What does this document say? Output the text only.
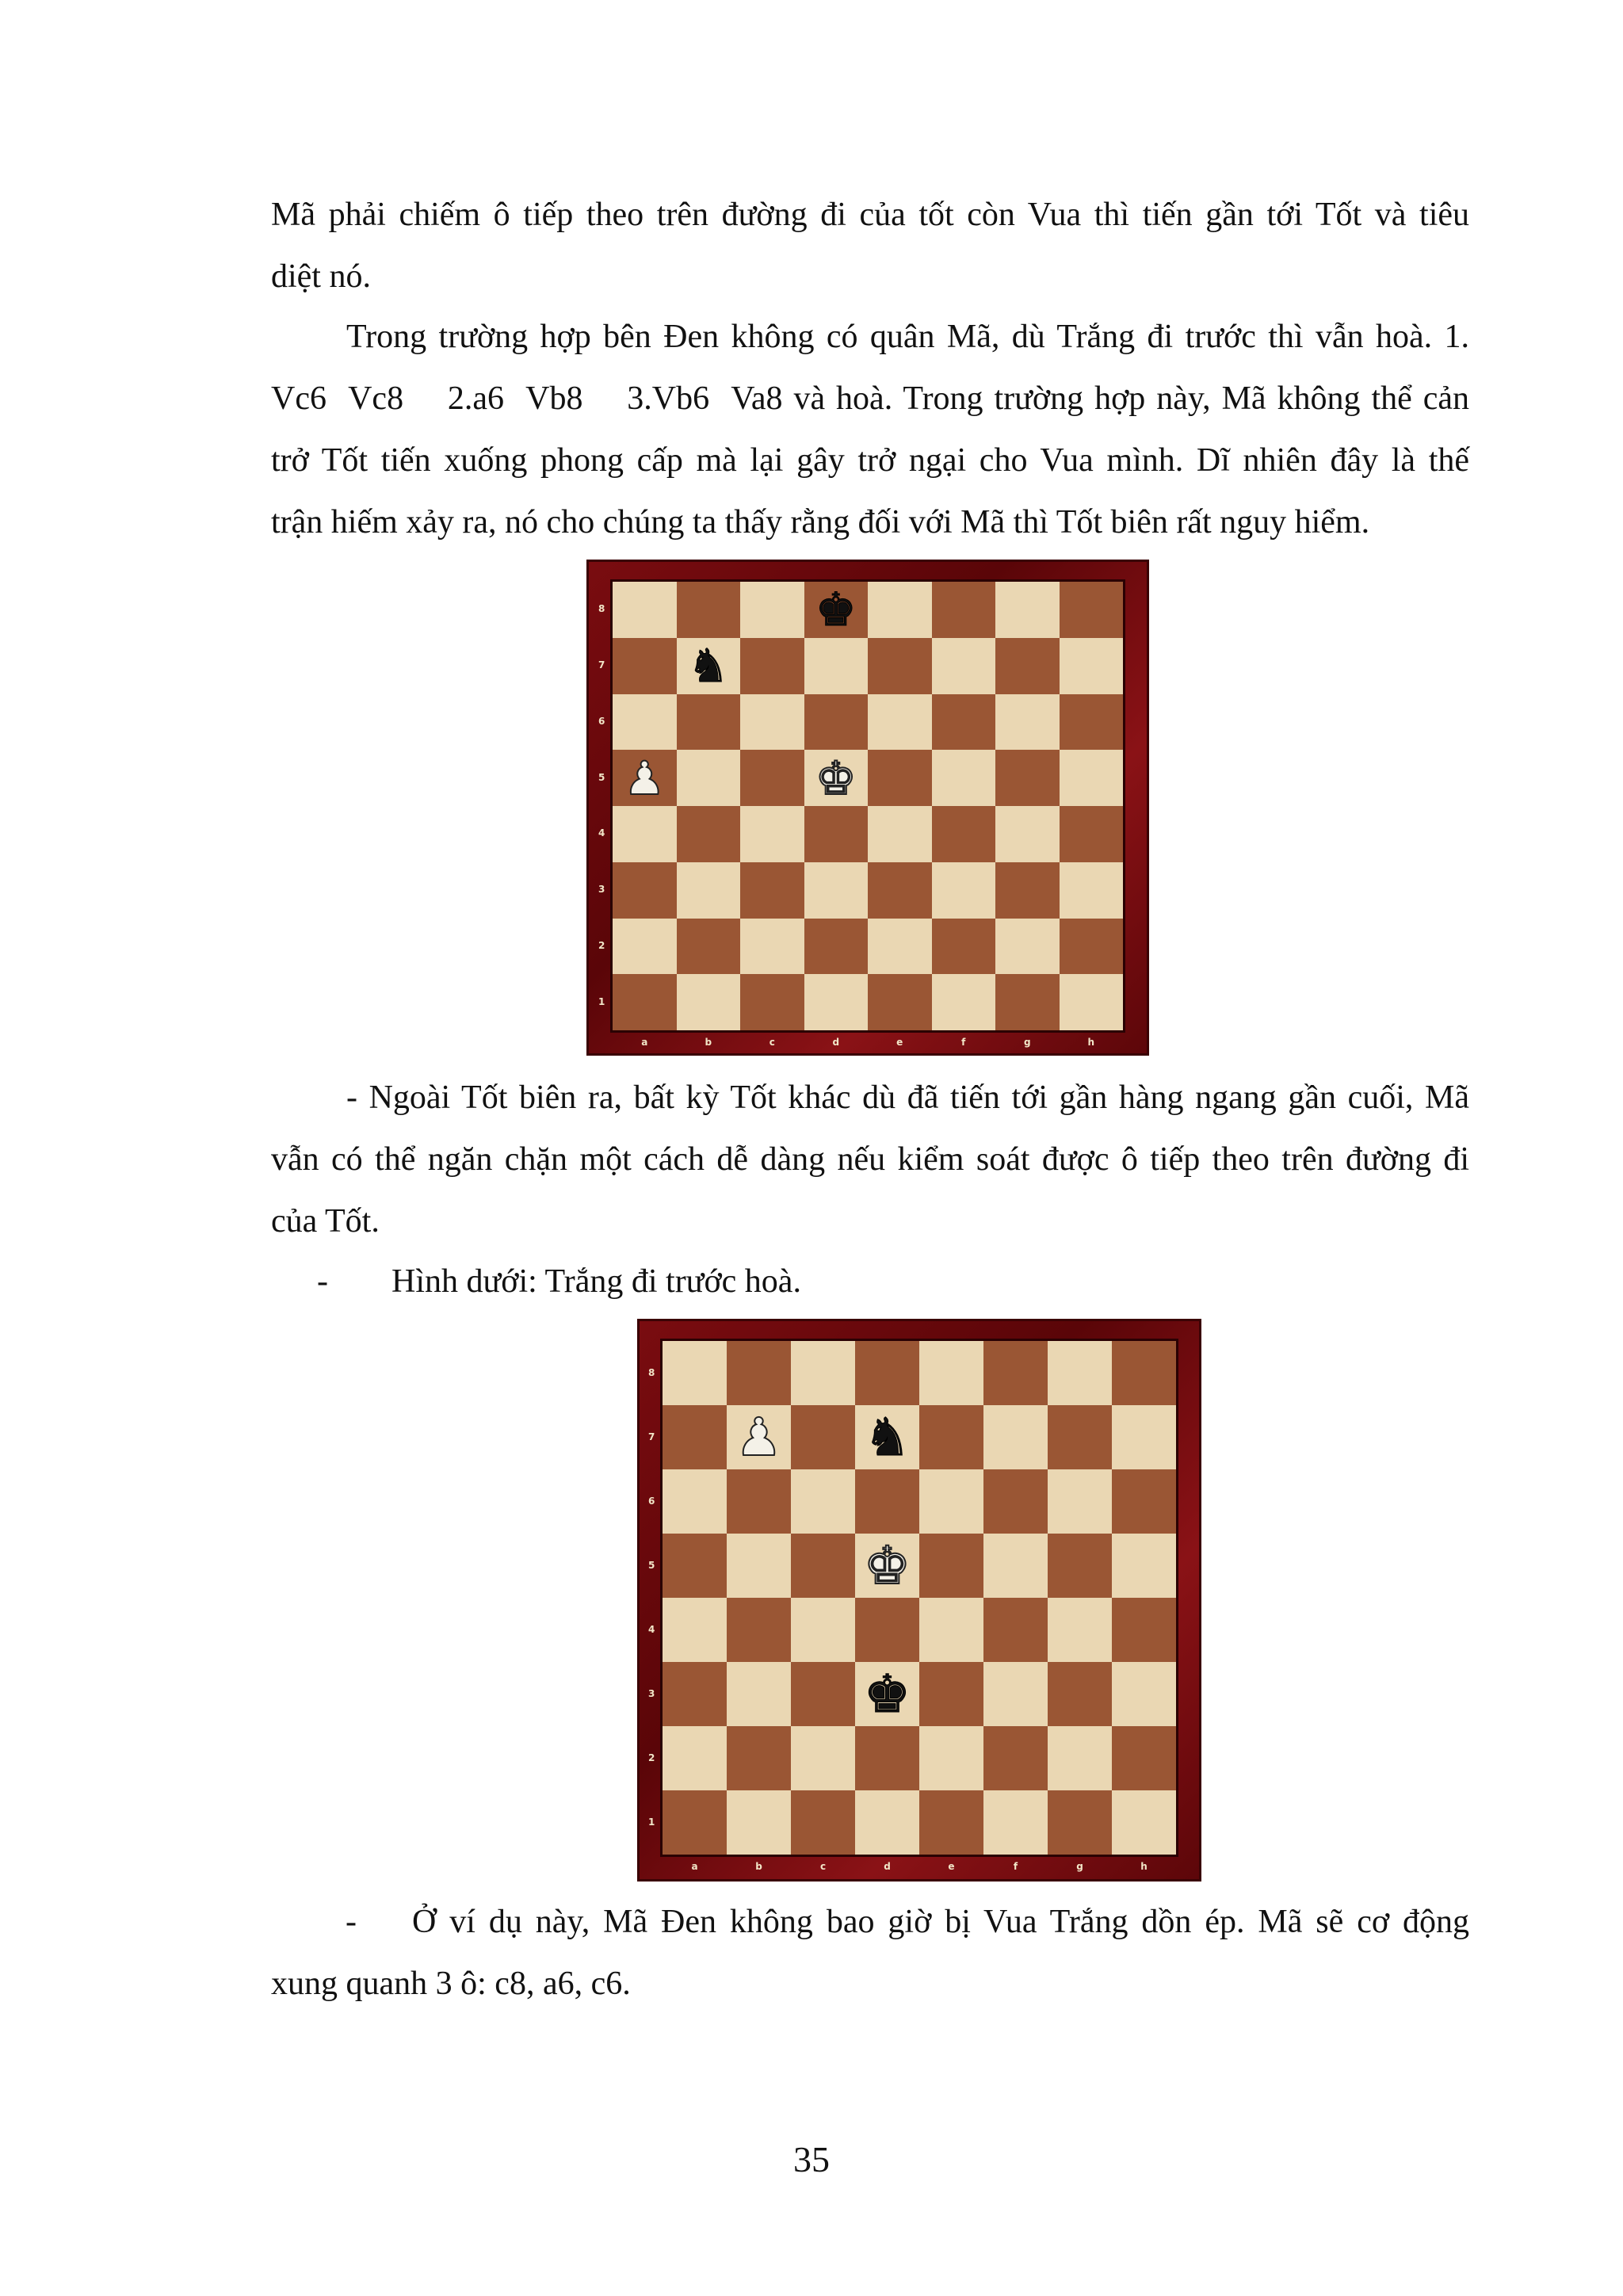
Mã phải chiếm ô tiếp theo trên đường đi của tốt còn Vua thì tiến gần tới Tốt và tiêu
diệt nó.
Trong trường hợp bên Đen không có quân Mã, dù Trắng đi trước thì vẫn hoà. 1.
Vc6  Vc8    2.a6  Vb8    3.Vb6  Va8 và hoà. Trong trường hợp này, Mã không thể cản
trở Tốt tiến xuống phong cấp mà lại gây trở ngại cho Vua mình. Dĩ nhiên đây là thế
trận hiếm xảy ra, nó cho chúng ta thấy rằng đối với Mã thì Tốt biên rất nguy hiểm.
8	♚
7 ♞
6
5 ♟	♚
4
3
2
1
a	b	c	d	e	f	g	h
- Ngoài Tốt biên ra, bất kỳ Tốt khác dù đã tiến tới gần hàng ngang gần cuối, Mã
vẫn có thể ngăn chặn một cách dễ dàng nếu kiểm soát được ô tiếp theo trên đường đi
của Tốt.
- Hình dưới: Trắng đi trước hoà.
8
7 ♟ ♞
6
5	♚
4
3	♚
2
1
a	b	c	d	e	f	g	h
- Ở ví dụ này, Mã Đen không bao giờ bị Vua Trắng dồn ép. Mã sẽ cơ động
xung quanh 3 ô: c8, a6, c6.
35
